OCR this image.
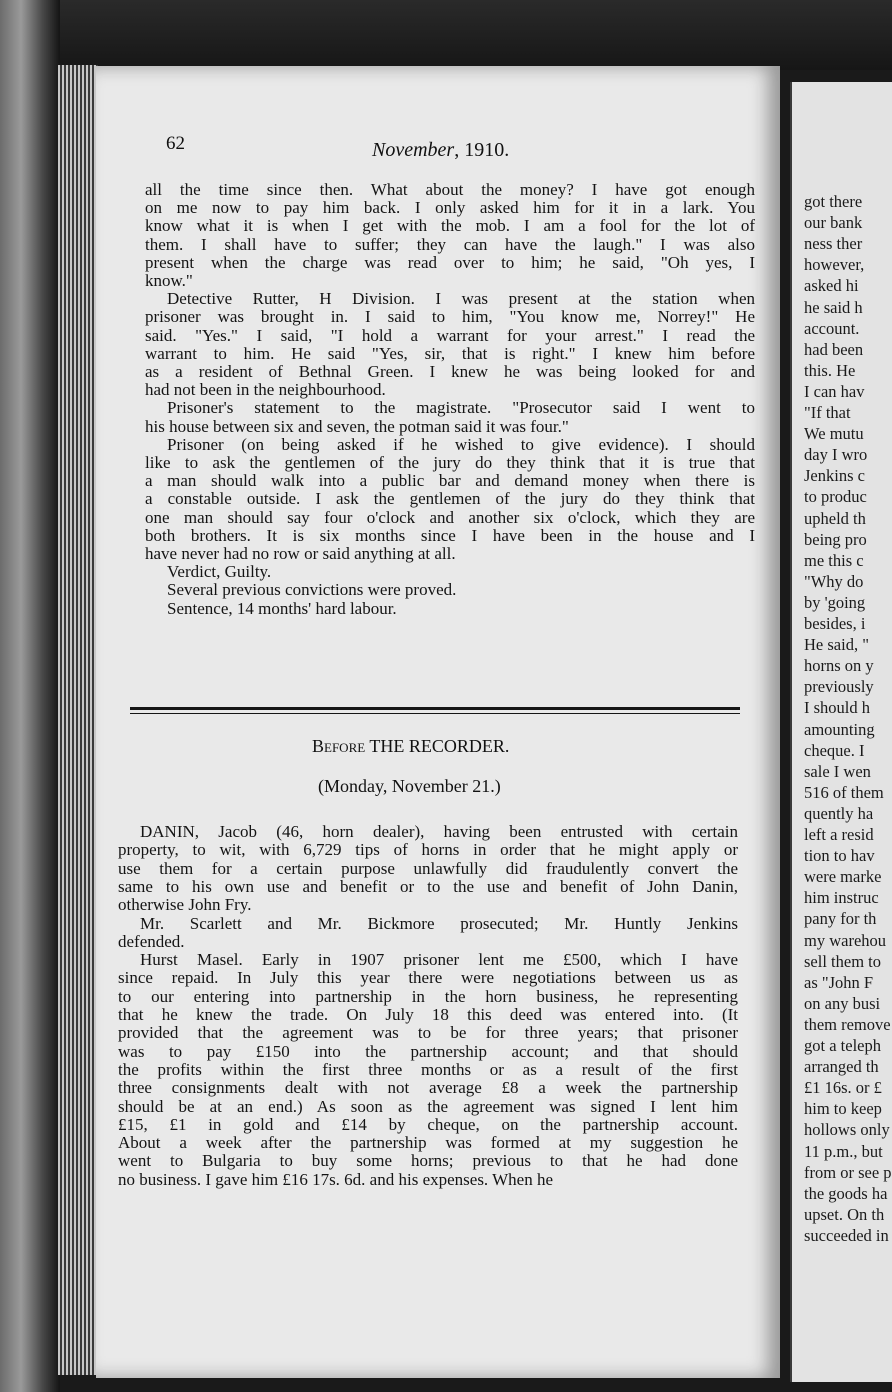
got there
our bank
ness ther
however,
asked hi
he said h
account.
had been
this. He
I can hav
"If that
We mutu
day I wro
Jenkins c
to produc
upheld th
being pro
me this c
"Why do
by 'going
besides, i
He said, "
horns on y
previously
I should h
amounting
cheque. I
sale I wen
516 of them
quently ha
left a resid
tion to hav
were marke
him instruc
pany for th
my warehou
sell them to
as "John F
on any busi
them remove
got a teleph
arranged th
£1 16s. or £
him to keep
hollows only
11 p.m., but
from or see p
the goods ha
upset. On th
succeeded in
62	November, 1910.
all the time since then. What about the money? I have got enough
on me now to pay him back. I only asked him for it in a lark. You
know what it is when I get with the mob. I am a fool for the lot of
them. I shall have to suffer; they can have the laugh." I was also
present when the charge was read over to him; he said, "Oh yes, I
know."
Detective Rutter, H Division. I was present at the station when
prisoner was brought in. I said to him, "You know me, Norrey!" He
said. "Yes." I said, "I hold a warrant for your arrest." I read the
warrant to him. He said "Yes, sir, that is right." I knew him before
as a resident of Bethnal Green. I knew he was being looked for and
had not been in the neighbourhood.
Prisoner's statement to the magistrate. "Prosecutor said I went to
his house between six and seven, the potman said it was four."
Prisoner (on being asked if he wished to give evidence). I should
like to ask the gentlemen of the jury do they think that it is true that
a man should walk into a public bar and demand money when there is
a constable outside. I ask the gentlemen of the jury do they think that
one man should say four o'clock and another six o'clock, which they are
both brothers. It is six months since I have been in the house and I
have never had no row or said anything at all.
Verdict, Guilty.
Several previous convictions were proved.
Sentence, 14 months' hard labour.
Before THE RECORDER.
(Monday, November 21.)
DANIN, Jacob (46, horn dealer), having been entrusted with certain
property, to wit, with 6,729 tips of horns in order that he might apply or
use them for a certain purpose unlawfully did fraudulently convert the
same to his own use and benefit or to the use and benefit of John Danin,
otherwise John Fry.
Mr. Scarlett and Mr. Bickmore prosecuted; Mr. Huntly Jenkins
defended.
Hurst Masel. Early in 1907 prisoner lent me £500, which I have
since repaid. In July this year there were negotiations between us as
to our entering into partnership in the horn business, he representing
that he knew the trade. On July 18 this deed was entered into. (It
provided that the agreement was to be for three years; that prisoner
was to pay £150 into the partnership account; and that should
the profits within the first three months or as a result of the first
three consignments dealt with not average £8 a week the partnership
should be at an end.) As soon as the agreement was signed I lent him
£15, £1 in gold and £14 by cheque, on the partnership account.
About a week after the partnership was formed at my suggestion he
went to Bulgaria to buy some horns; previous to that he had done
no business. I gave him £16 17s. 6d. and his expenses. When he
